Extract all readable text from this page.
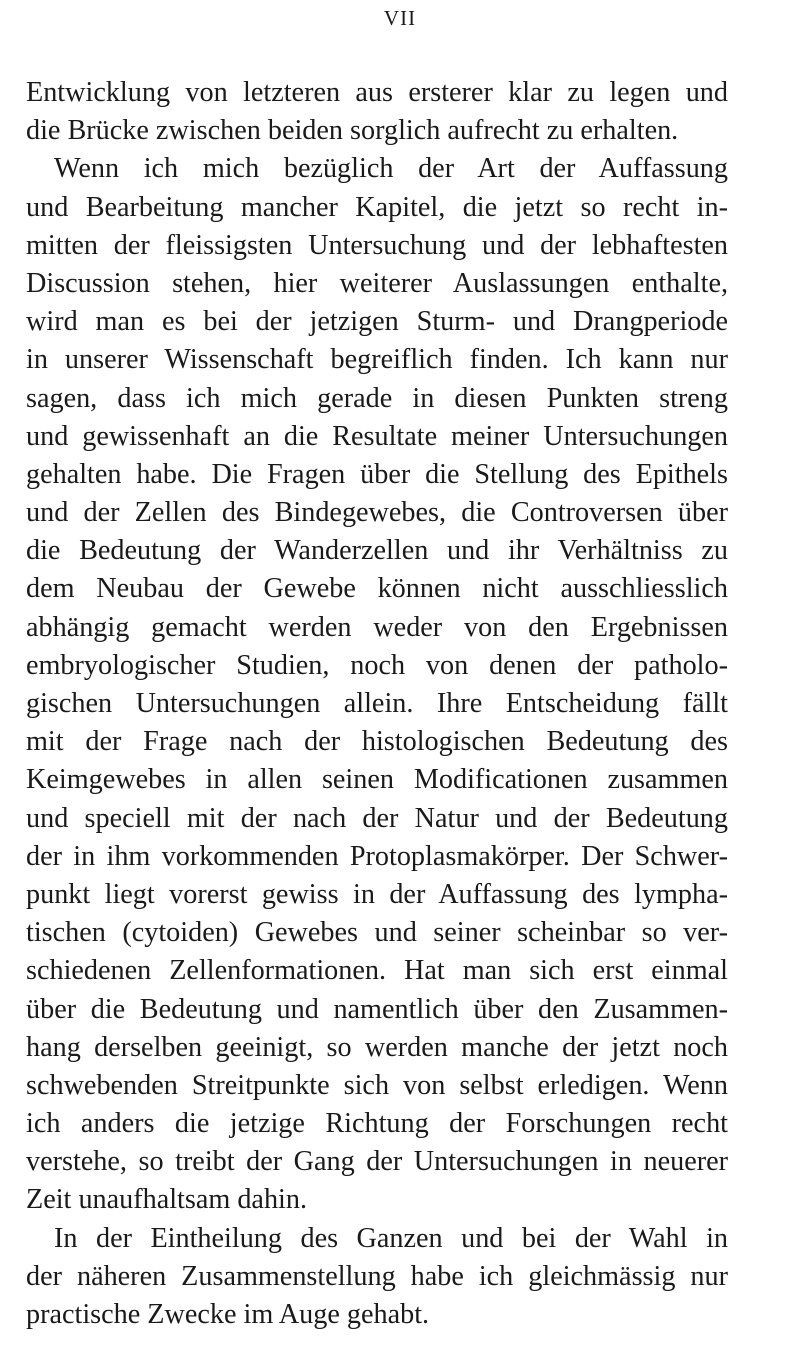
VII
Entwicklung von letzteren aus ersterer klar zu legen und
die Brücke zwischen beiden sorglich aufrecht zu erhalten.
Wenn ich mich bezüglich der Art der Auffassung
und Bearbeitung mancher Kapitel, die jetzt so recht in-
mitten der fleissigsten Untersuchung und der lebhaftesten
Discussion stehen, hier weiterer Auslassungen enthalte,
wird man es bei der jetzigen Sturm- und Drangperiode
in unserer Wissenschaft begreiflich finden. Ich kann nur
sagen, dass ich mich gerade in diesen Punkten streng
und gewissenhaft an die Resultate meiner Untersuchungen
gehalten habe. Die Fragen über die Stellung des Epithels
und der Zellen des Bindegewebes, die Controversen über
die Bedeutung der Wanderzellen und ihr Verhältniss zu
dem Neubau der Gewebe können nicht ausschliesslich
abhängig gemacht werden weder von den Ergebnissen
embryologischer Studien, noch von denen der patholo-
gischen Untersuchungen allein. Ihre Entscheidung fällt
mit der Frage nach der histologischen Bedeutung des
Keimgewebes in allen seinen Modificationen zusammen
und speciell mit der nach der Natur und der Bedeutung
der in ihm vorkommenden Protoplasmakörper. Der Schwer-
punkt liegt vorerst gewiss in der Auffassung des lympha-
tischen (cytoiden) Gewebes und seiner scheinbar so ver-
schiedenen Zellenformationen. Hat man sich erst einmal
über die Bedeutung und namentlich über den Zusammen-
hang derselben geeinigt, so werden manche der jetzt noch
schwebenden Streitpunkte sich von selbst erledigen. Wenn
ich anders die jetzige Richtung der Forschungen recht
verstehe, so treibt der Gang der Untersuchungen in neuerer
Zeit unaufhaltsam dahin.
In der Eintheilung des Ganzen und bei der Wahl in
der näheren Zusammenstellung habe ich gleichmässig nur
practische Zwecke im Auge gehabt.
